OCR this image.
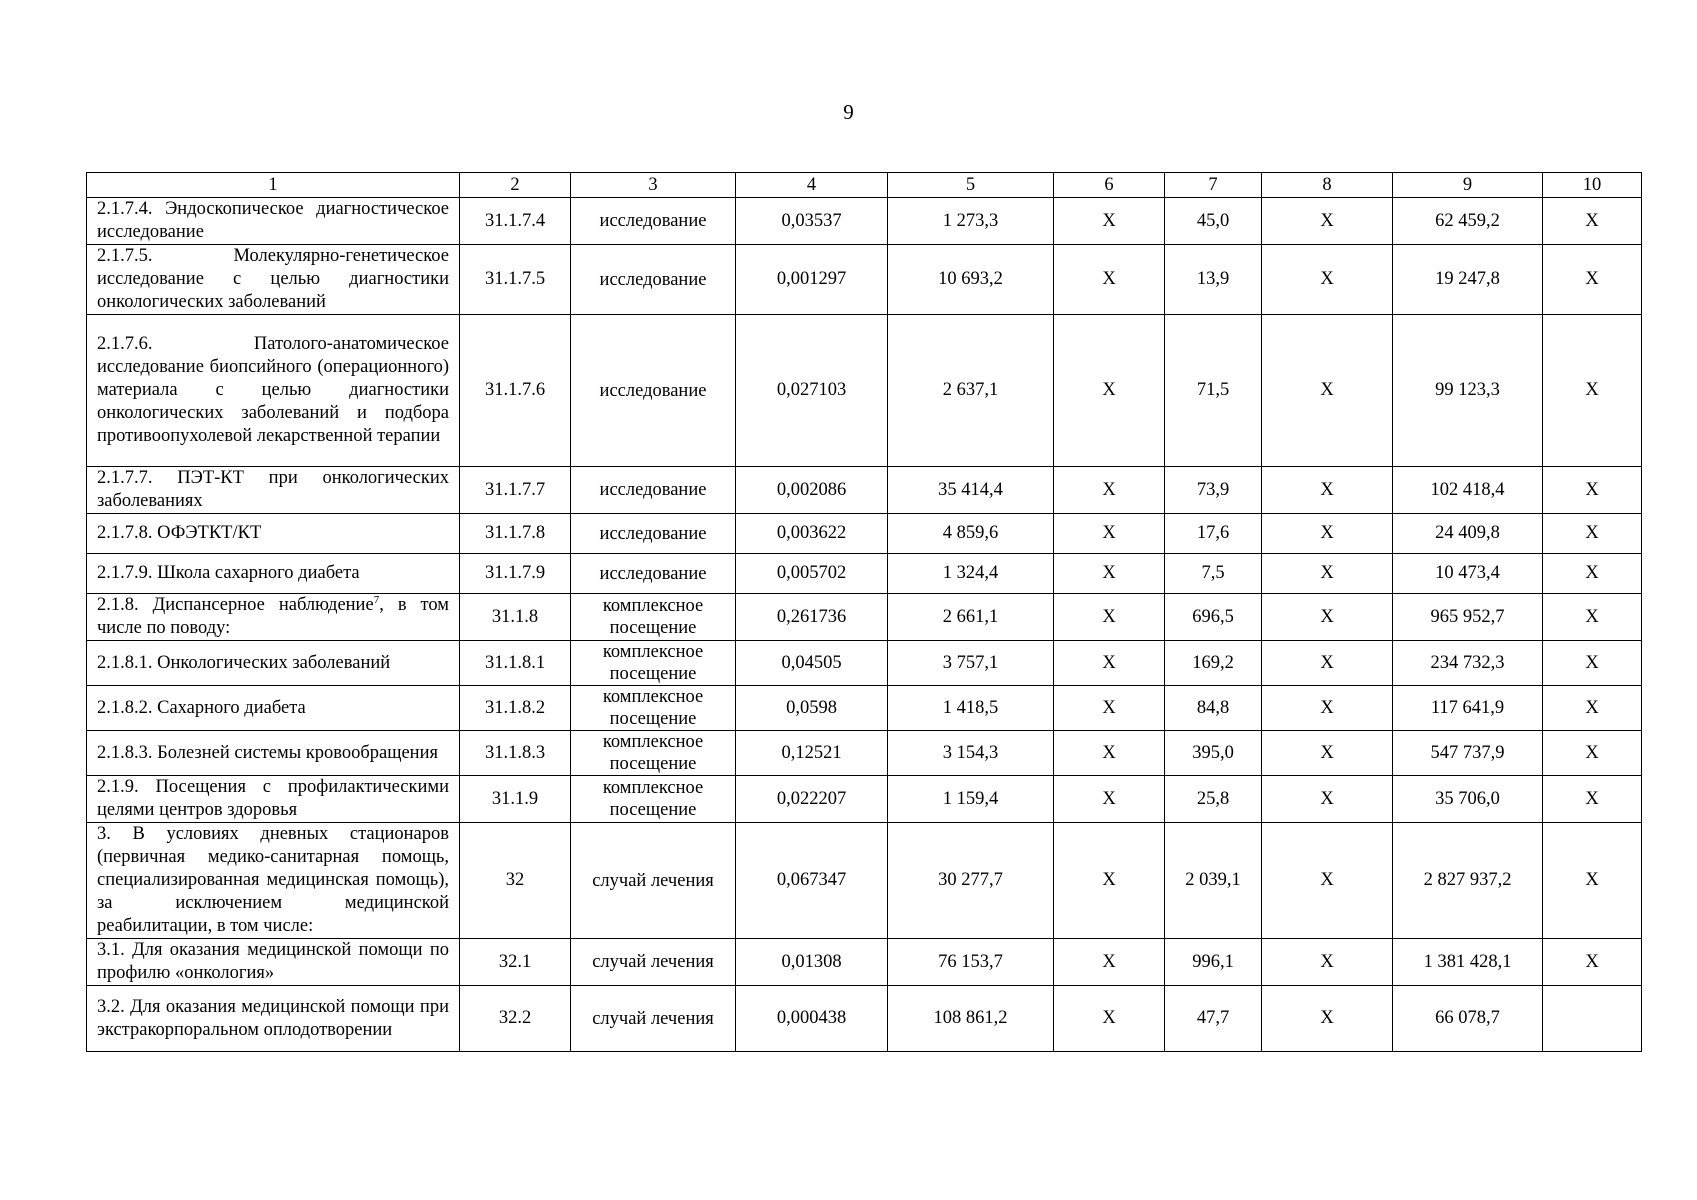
9
1	2	3	4	5	6	7	8	9	10
2.1.7.4. Эндоскопическое диагностическое исследование	31.1.7.4	исследование	0,03537	1 273,3	Х	45,0	Х	62 459,2	Х
2.1.7.5. Молекулярно-генетическое исследование с целью диагностики онкологических заболеваний	31.1.7.5	исследование	0,001297	10 693,2	Х	13,9	Х	19 247,8	Х
2.1.7.6. Патолого-анатомическое исследование биопсийного (операционного) материала с целью диагностики онкологических заболеваний и подбора противоопухолевой лекарственной терапии	31.1.7.6	исследование	0,027103	2 637,1	Х	71,5	Х	99 123,3	Х
2.1.7.7. ПЭТ-КТ при онкологических заболеваниях	31.1.7.7	исследование	0,002086	35 414,4	Х	73,9	Х	102 418,4	Х
2.1.7.8. ОФЭТКТ/КТ	31.1.7.8	исследование	0,003622	4 859,6	Х	17,6	Х	24 409,8	Х
2.1.7.9. Школа сахарного диабета	31.1.7.9	исследование	0,005702	1 324,4	Х	7,5	Х	10 473,4	Х
2.1.8. Диспансерное наблюдение$^7$, в том числе по поводу:	31.1.8	комплексное посещение	0,261736	2 661,1	Х	696,5	Х	965 952,7	Х
2.1.8.1. Онкологических заболеваний	31.1.8.1	комплексное посещение	0,04505	3 757,1	Х	169,2	Х	234 732,3	Х
2.1.8.2. Сахарного диабета	31.1.8.2	комплексное посещение	0,0598	1 418,5	Х	84,8	Х	117 641,9	Х
2.1.8.3. Болезней системы кровообращения	31.1.8.3	комплексное посещение	0,12521	3 154,3	Х	395,0	Х	547 737,9	Х
2.1.9. Посещения с профилактическими целями центров здоровья	31.1.9	комплексное посещение	0,022207	1 159,4	Х	25,8	Х	35 706,0	Х
3. В условиях дневных стационаров (первичная медико-санитарная помощь, специализированная медицинская помощь), за исключением медицинской реабилитации, в том числе:	32	случай лечения	0,067347	30 277,7	Х	2 039,1	Х	2 827 937,2	Х
3.1. Для оказания медицинской помощи по профилю «онкология»	32.1	случай лечения	0,01308	76 153,7	Х	996,1	Х	1 381 428,1	Х
3.2. Для оказания медицинской помощи при экстракорпоральном оплодотворении	32.2	случай лечения	0,000438	108 861,2	Х	47,7	Х	66 078,7	
